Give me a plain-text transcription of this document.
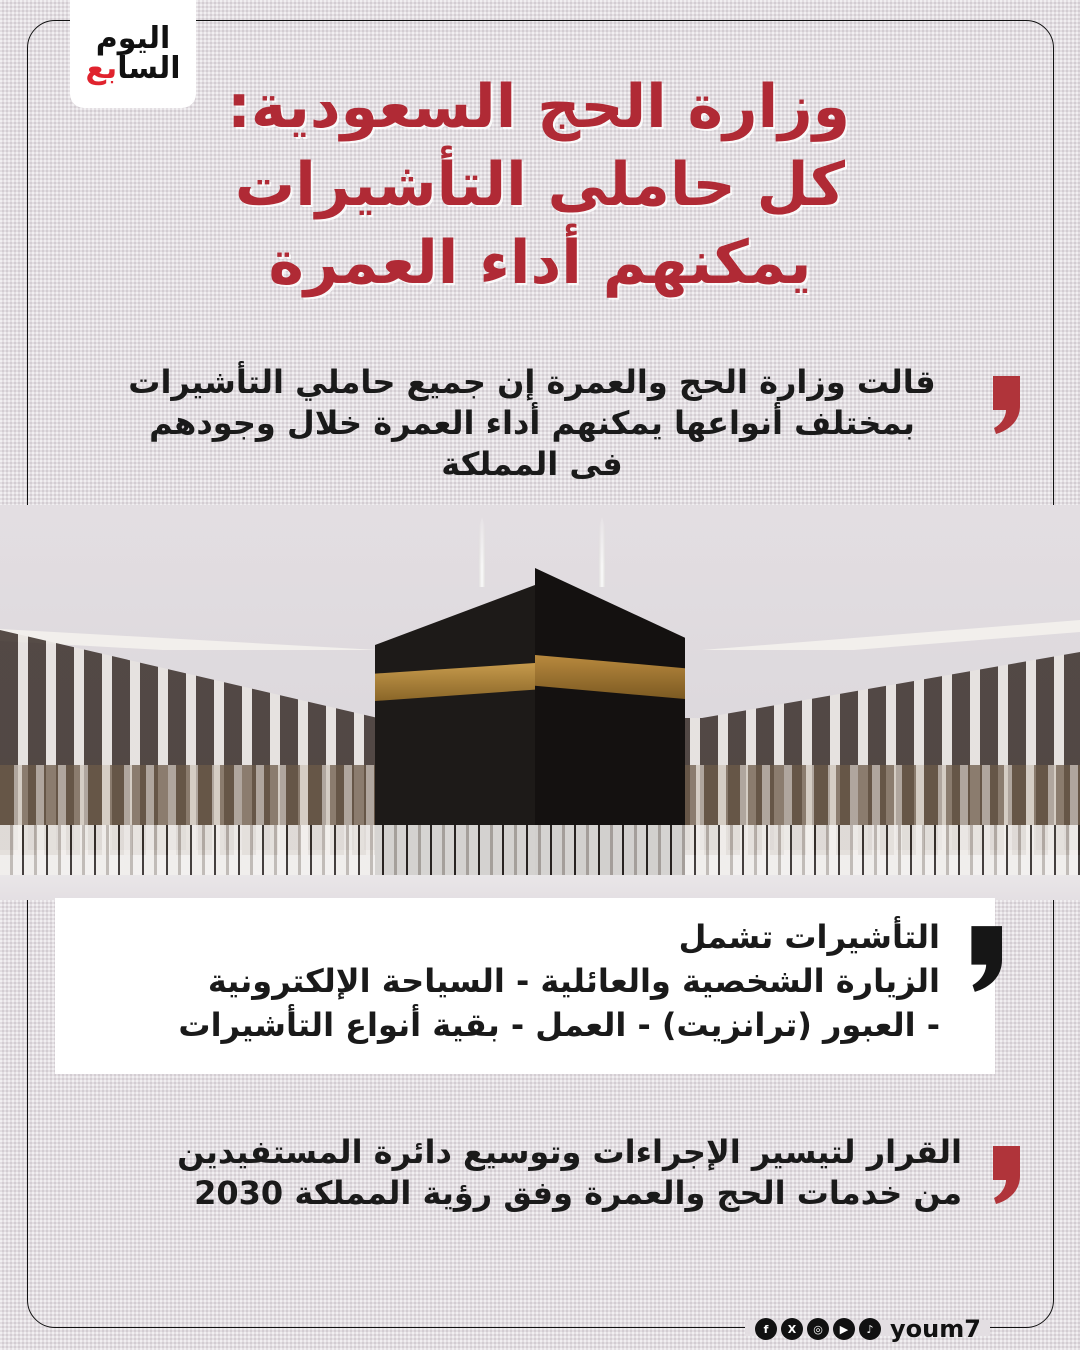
اليوم
السابع
وزارة الحج السعودية:
كل حاملى التأشيرات
يمكنهم أداء العمرة
قالت وزارة الحج والعمرة إن جميع حاملي التأشيرات
بمختلف أنواعها يمكنهم أداء العمرة خلال وجودهم
فى المملكة
التأشيرات تشمل
الزيارة الشخصية والعائلية - السياحة الإلكترونية
- العبور (ترانزيت) - العمل - بقية أنواع التأشيرات
القرار لتيسير الإجراءات وتوسيع دائرة المستفيدين
من خدمات الحج والعمرة وفق رؤية المملكة 2030
f	X	◎	▶	♪ youm7
